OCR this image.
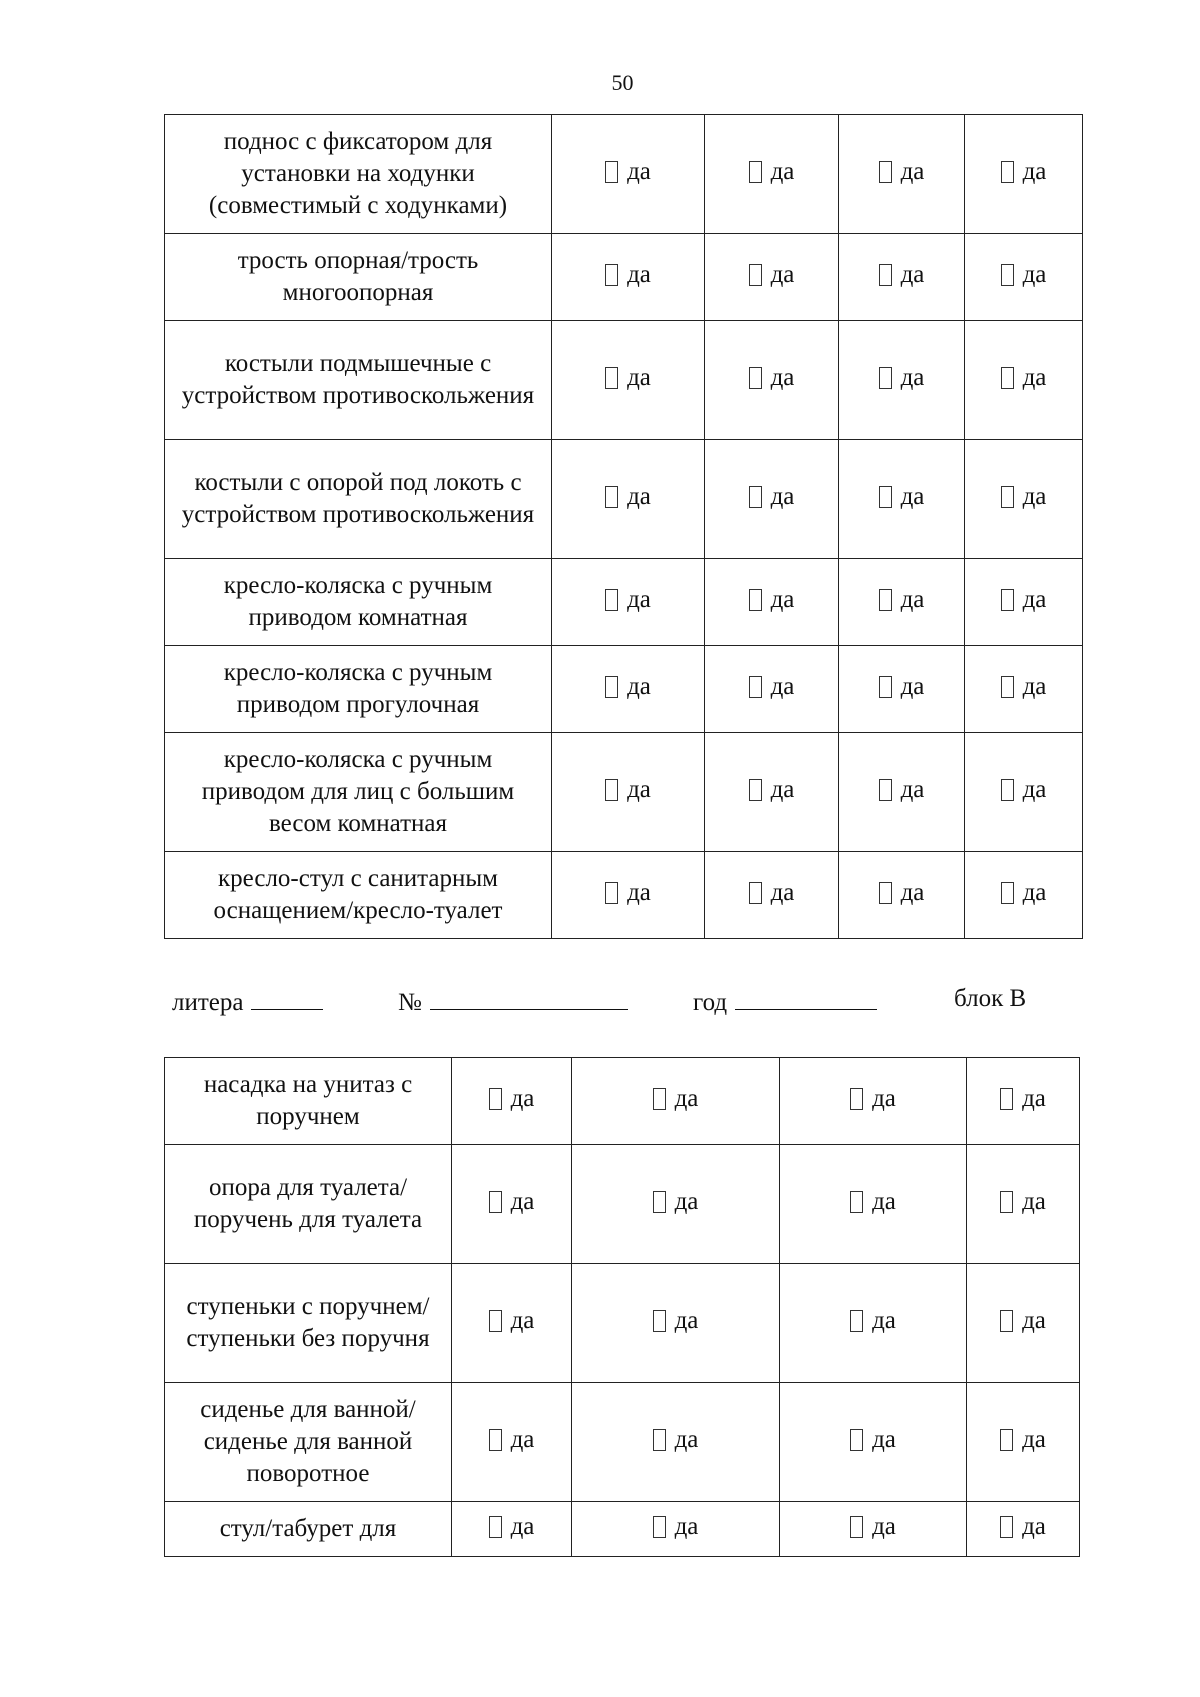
50
поднос с фиксатором для установки на ходунки (совместимый с ходунками)	да	да	да	да

трость опорная/трость многоопорная	да	да	да	да

костыли подмышечные с устройством противоскольжения	да	да	да	да

костыли с опорой под локоть с устройством противоскольжения	да	да	да	да

кресло-коляска с ручным приводом комнатная	да	да	да	да

кресло-коляска с ручным приводом прогулочная	да	да	да	да

кресло-коляска с ручным приводом для лиц с большим весом комнатная	да	да	да	да

кресло-стул с санитарным оснащением/кресло-туалет	да	да	да	да
литера	№	год	блок В
насадка на унитаз с поручнем	да	да	да	да

опора для туалета/поручень для туалета	да	да	да	да

ступеньки с поручнем/ступеньки без поручня	да	да	да	да

сиденье для ванной/сиденье для ванной поворотное	да	да	да	да

стул/табурет для	да	да	да	да
